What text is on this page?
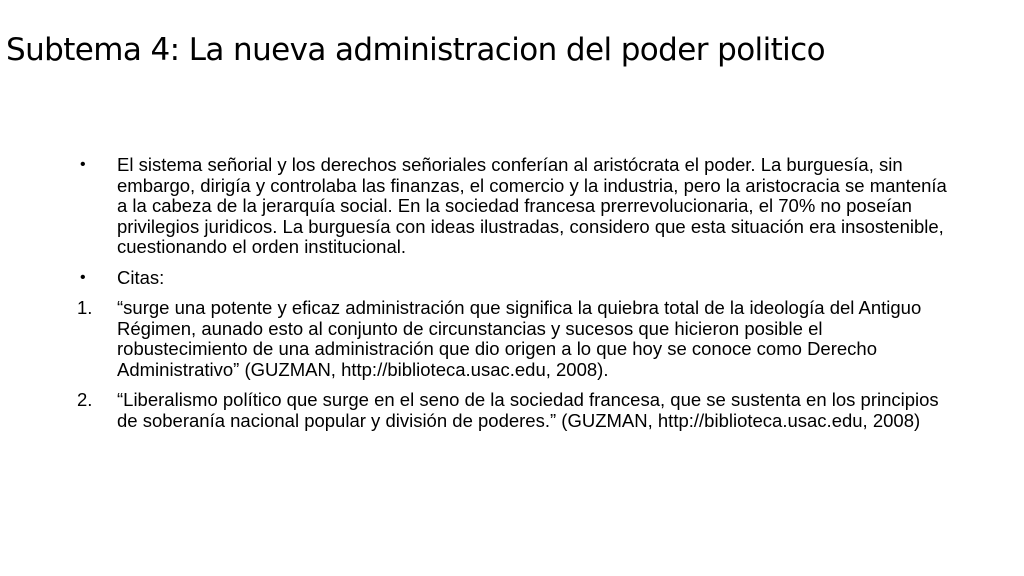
Subtema 4: La nueva administracion del poder politico
•	El sistema señorial y los derechos señoriales conferían al aristócrata el poder. La burguesía, sin embargo, dirigía y controlaba las finanzas, el comercio y la industria, pero la aristocracia se mantenía a la cabeza de la jerarquía social. En la sociedad francesa prerrevolucionaria, el 70% no poseían privilegios juridicos. La burguesía con ideas ilustradas, considero que esta situación era insostenible, cuestionando el orden institucional.
•	Citas:
1.	“surge una potente y eficaz administración que significa la quiebra total de la ideología del Antiguo Régimen, aunado esto al conjunto de circunstancias y sucesos que hicieron posible el robustecimiento de una administración que dio origen a lo que hoy se conoce como Derecho Administrativo” (GUZMAN, http://biblioteca.usac.edu, 2008).
2.	“Liberalismo político que surge en el seno de la sociedad francesa, que se sustenta en los principios de soberanía nacional popular y división de poderes.” (GUZMAN, http://biblioteca.usac.edu, 2008)
